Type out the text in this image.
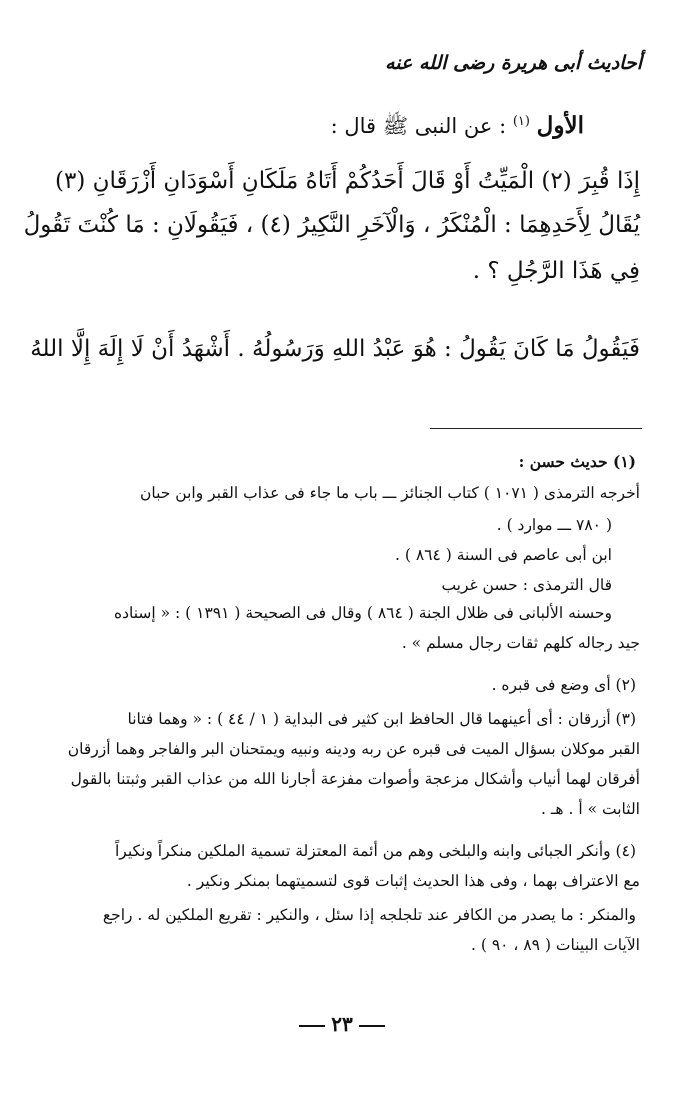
أحاديث أبى هريرة رضى الله عنه
الأول $^{(١)}$ : عن النبى ﷺ قال :
إِذَا قُبِرَ (٢) الْمَيِّتُ أَوْ قَالَ أَحَدُكُمْ أَتَاهُ مَلَكَانِ أَسْوَدَانِ أَزْرَقَانِ (٣)
يُقَالُ لِأَحَدِهِمَا : الْمُنْكَرُ ، وَالْآخَرِ النَّكِيرُ (٤) ، فَيَقُولَانِ : مَا كُنْتَ تَقُولُ
فِي هَذَا الرَّجُلِ ؟ .
فَيَقُولُ مَا كَانَ يَقُولُ : هُوَ عَبْدُ اللهِ وَرَسُولُهُ . أَشْهَدُ أَنْ لَا إِلَهَ إِلَّا اللهُ
(١) حديث حسن :
أخرجه الترمذى ( ١٠٧١ ) كتاب الجنائز ـــ باب ما جاء فى عذاب القبر وابن حبان
( ٧٨٠ ـــ موارد ) .
ابن أبى عاصم فى السنة ( ٨٦٤ ) .
قال الترمذى : حسن غريب
وحسنه الألبانى فى ظلال الجنة ( ٨٦٤ ) وقال فى الصحيحة ( ١٣٩١ ) : « إسناده
جيد رجاله كلهم ثقات رجال مسلم » .
(٢) أى وضع فى قبره .
(٣) أزرقان : أى أعينهما قال الحافظ ابن كثير فى البداية ( ١ / ٤٤ ) : « وهما فتانا
القبر موكلان بسؤال الميت فى قبره عن ربه ودينه ونبيه ويمتحنان البر والفاجر وهما أزرقان
أفرقان لهما أنياب وأشكال مزعجة وأصوات مفزعة أجارنا الله من عذاب القبر وثبتنا بالقول
الثابت » أ . هـ .
(٤) وأنكر الجبائى وابنه والبلخى وهم من أئمة المعتزلة تسمية الملكين منكراً ونكيراً
مع الاعتراف بهما ، وفى هذا الحديث إثبات قوى لتسميتهما بمنكر ونكير .
والمنكر : ما يصدر من الكافر عند تلجلجه إذا سئل ، والنكير : تقريع الملكين له . راجع
الآيات البينات ( ٨٩ ، ٩٠ ) .
٢٣
